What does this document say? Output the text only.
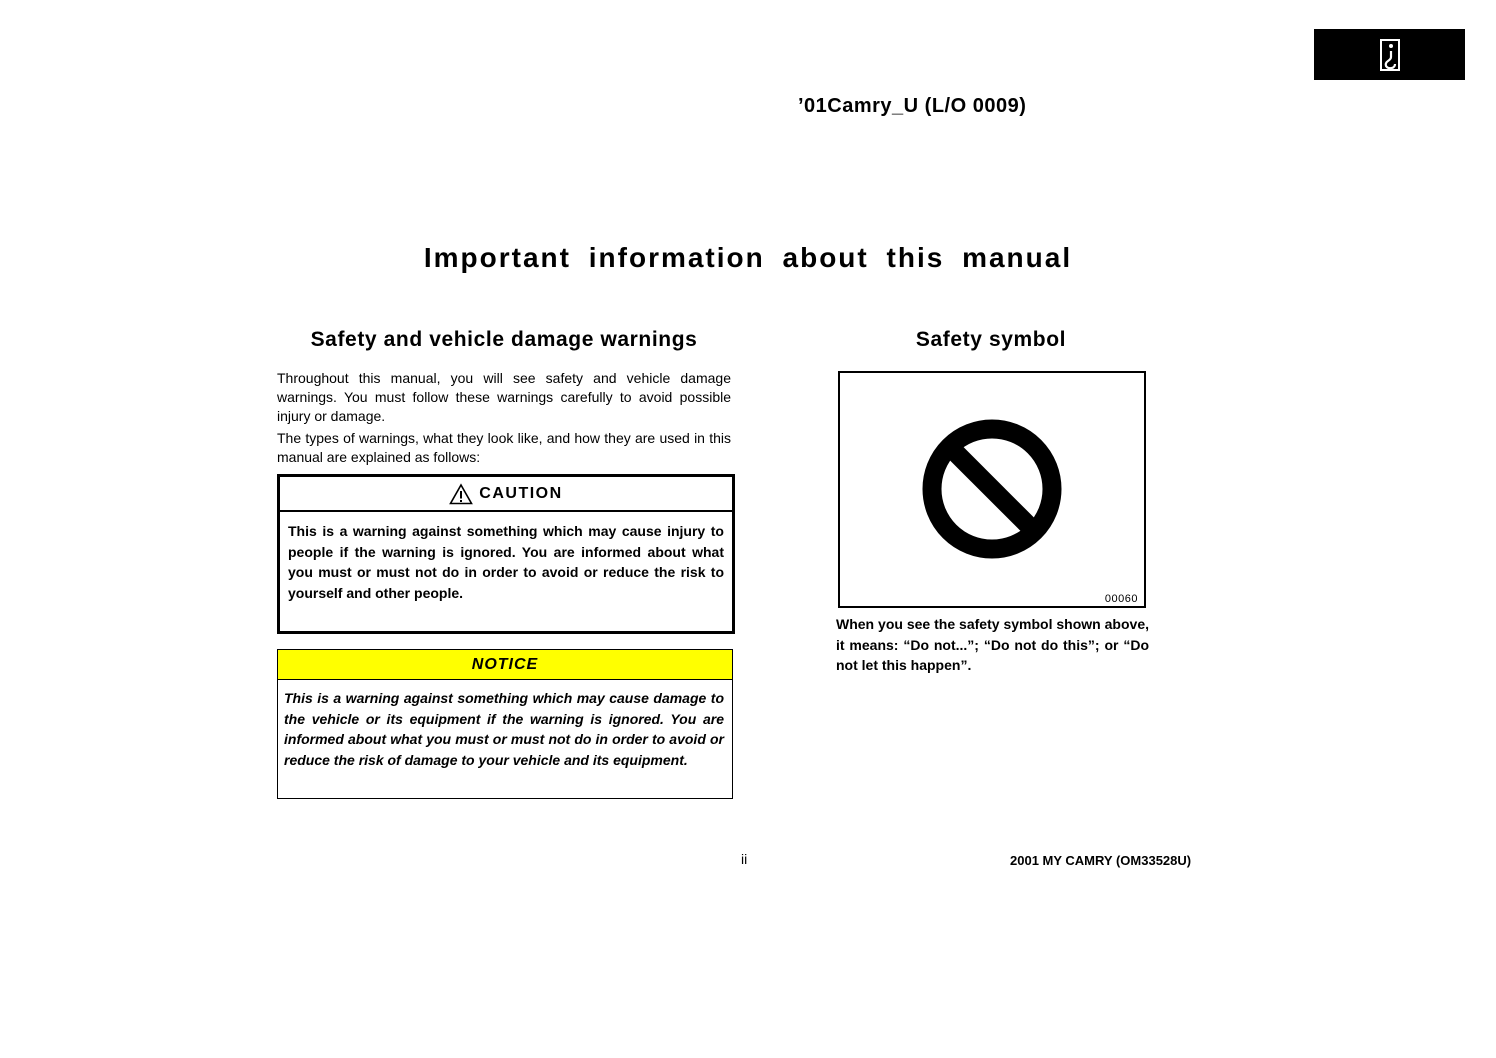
’01Camry_U (L/O 0009)
Important information about this manual
Safety and vehicle damage warnings	Safety symbol

Throughout this manual, you will see safety and vehicle damage warnings. You must follow these warnings carefully to avoid possible injury or damage.

The types of warnings, what they look like, and how they are used in this manual are explained as follows:

CAUTION
This is a warning against something which may cause injury to people if the warning is ignored. You are informed about what you must or must not do in order to avoid or reduce the risk to yourself and other people.
NOTICE
This is a warning against something which may cause damage to the vehicle or its equipment if the warning is ignored. You are informed about what you must or must not do in order to avoid or reduce the risk of damage to your vehicle and its equipment.
00060

When you see the safety symbol shown above, it means: “Do not...”; “Do not do this”; or “Do not let this happen”.

ii	2001 MY CAMRY (OM33528U)
